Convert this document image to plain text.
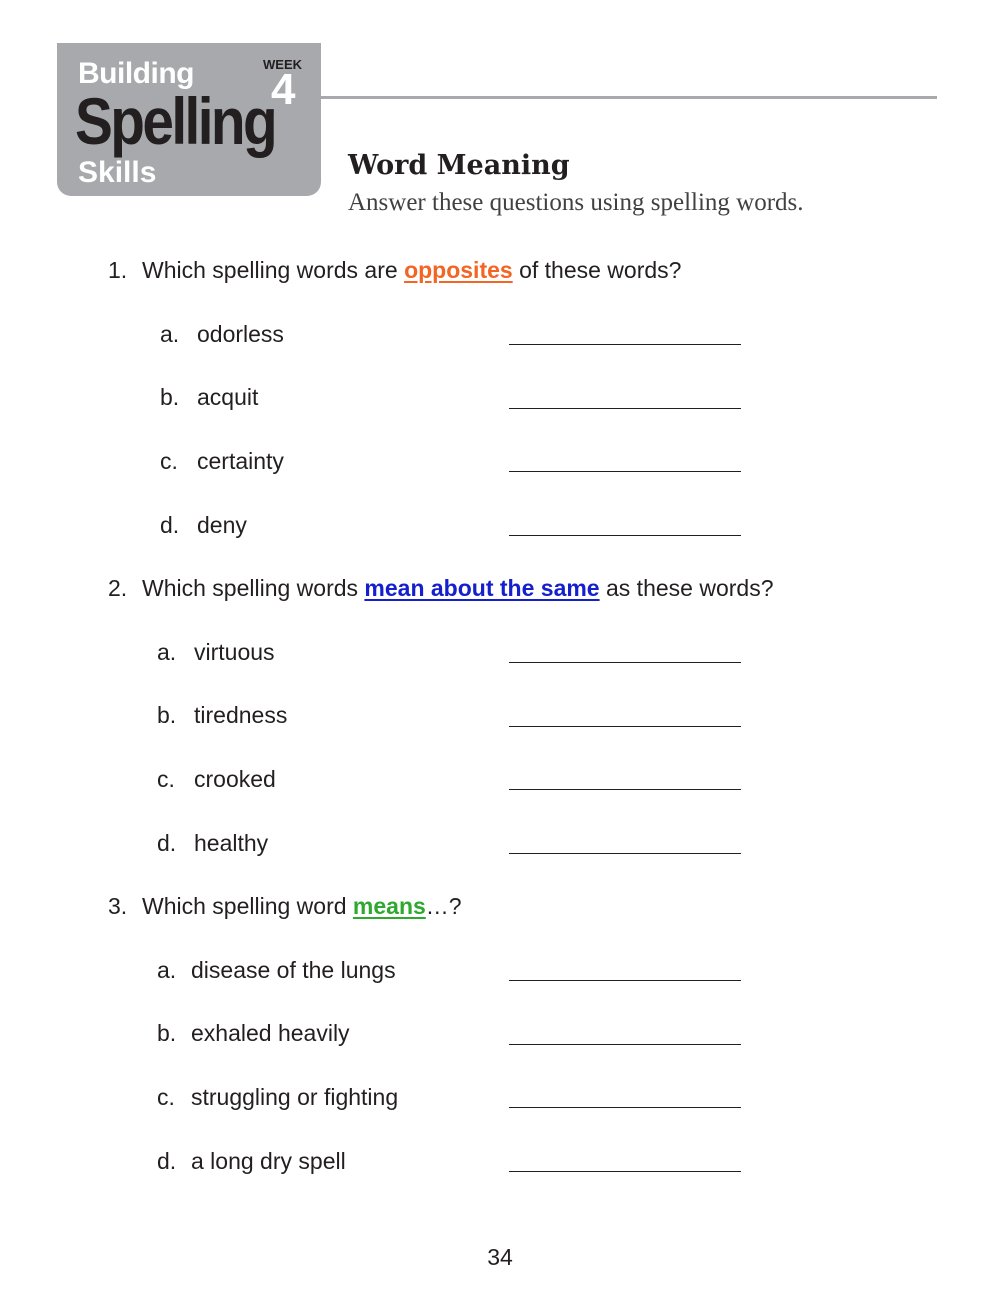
Building
Spelling
Skills
WEEK
4
Word Meaning
Answer these questions using spelling words.
1. Which spelling words are opposites of these words?
a. odorless
b. acquit
c. certainty
d. deny
2. Which spelling words mean about the same as these words?
a. virtuous
b. tiredness
c. crooked
d. healthy
3. Which spelling word means…?
a. disease of the lungs
b. exhaled heavily
c. struggling or fighting
d. a long dry spell
34
